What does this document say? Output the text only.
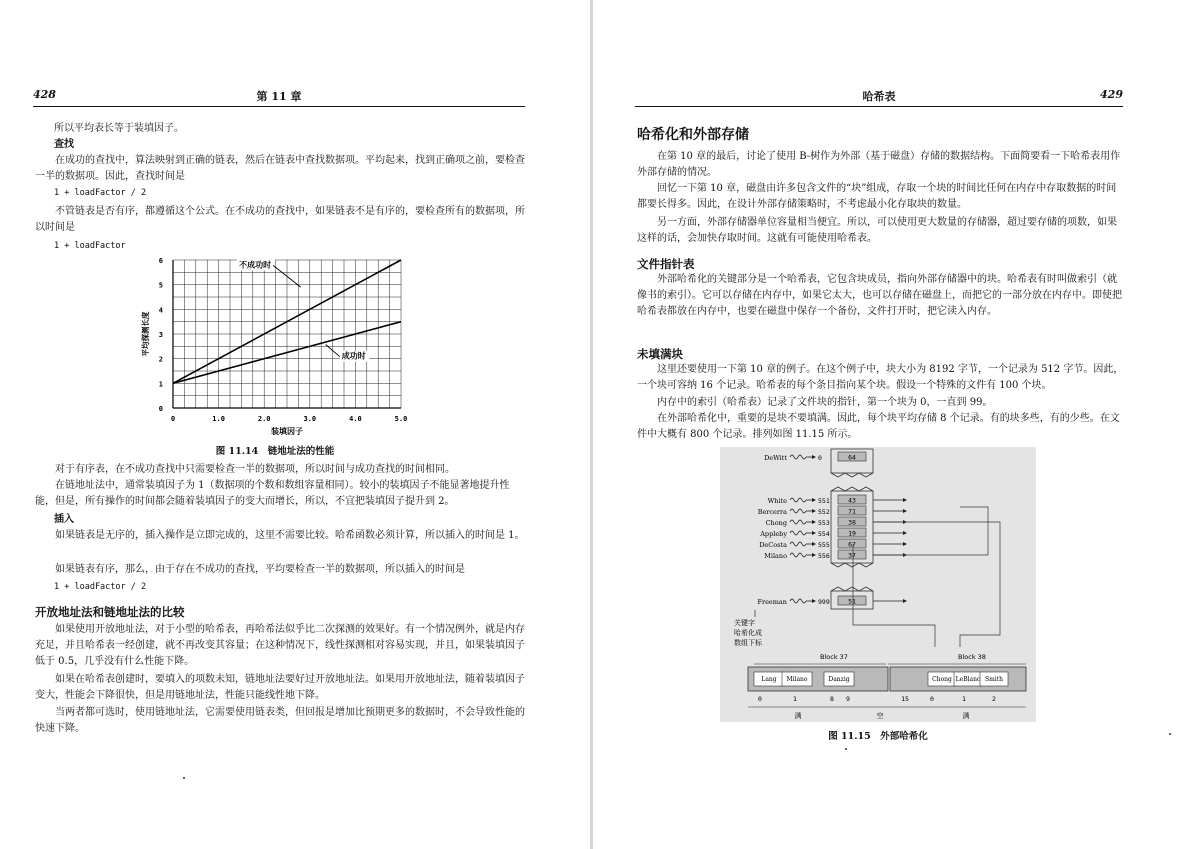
428	第 11 章

所以平均表长等于装填因子。

查找

在成功的查找中，算法映射到正确的链表，然后在链表中查找数据项。平均起来，找到正确项之前，要检查一半的数据项。因此，查找时间是

1 + loadFactor / 2

不管链表是否有序，都遵循这个公式。在不成功的查找中，如果链表不是有序的，要检查所有的数据项，所以时间是

1 + loadFactor
0	1.0	2.0	3.0	4.0	5.0
0
1
2
3
4
5
6
装填因子
平均探测长度
不成功时
成功时
图 11.14　链地址法的性能

对于有序表，在不成功查找中只需要检查一半的数据项，所以时间与成功查找的时间相同。

在链地址法中，通常装填因子为 1（数据项的个数和数组容量相同）。较小的装填因子不能显著地提升性能，但是，所有操作的时间都会随着装填因子的变大而增长，所以，不宜把装填因子提升到 2。

插入

如果链表是无序的，插入操作是立即完成的，这里不需要比较。哈希函数必须计算，所以插入的时间是 1。

如果链表有序，那么，由于存在不成功的查找，平均要检查一半的数据项，所以插入的时间是

1 + loadFactor / 2
开放地址法和链地址法的比较

如果使用开放地址法，对于小型的哈希表，再哈希法似乎比二次探测的效果好。有一个情况例外，就是内存充足，并且哈希表一经创建，就不再改变其容量；在这种情况下，线性探测相对容易实现，并且，如果装填因子低于 0.5，几乎没有什么性能下降。

如果在哈希表创建时，要填入的项数未知，链地址法要好过开放地址法。如果用开放地址法，随着装填因子变大，性能会下降很快，但是用链地址法，性能只能线性地下降。

当两者都可选时，使用链地址法，它需要使用链表类，但回报是增加比预期更多的数据时，不会导致性能的快速下降。

哈希表	429
哈希化和外部存储

在第 10 章的最后，讨论了使用 B-树作为外部（基于磁盘）存储的数据结构。下面简要看一下哈希表用作外部存储的情况。

回忆一下第 10 章，磁盘由许多包含文件的“块”组成，存取一个块的时间比任何在内存中存取数据的时间都要长得多。因此，在设计外部存储策略时，不考虑最小化存取块的数量。

另一方面，外部存储器单位容量相当便宜。所以，可以使用更大数量的存储器，超过要存储的项数，如果这样的话，会加快存取时间。这就有可能使用哈希表。

文件指针表

外部哈希化的关键部分是一个哈希表，它包含块成员，指向外部存储器中的块。哈希表有时叫做索引（就像书的索引）。它可以存储在内存中，如果它太大，也可以存储在磁盘上，而把它的一部分放在内存中。即使把哈希表都放在内存中，也要在磁盘中保存一个备份，文件打开时，把它读入内存。

未填满块

这里还要使用一下第 10 章的例子。在这个例子中，块大小为 8192 字节，一个记录为 512 字节。因此，一个块可容纳 16 个记录。哈希表的每个条目指向某个块。假设一个特殊的文件有 100 个块。

内存中的索引（哈希表）记录了文件块的指针，第一个块为 0，一直到 99。

在外部哈希化中，重要的是块不要填满。因此，每个块平均存储 8 个记录。有的块多些，有的少些。在文件中大概有 800 个记录。排列如图 11.15 所示。

DeWitt	0	64
White	551	43
Bercerra	552	71
Chong	553	38
Appleby	554	19
DeCosta	555	67
Milano	556	37
Freeman	999	51
关键字
哈希化成
数组下标
Block 37	Block 38
Lang Milano	Danzig	Chong LeBlanc Smith
0	1	8 9	15	0	1	2
满	空	满
图 11.15　外部哈希化
